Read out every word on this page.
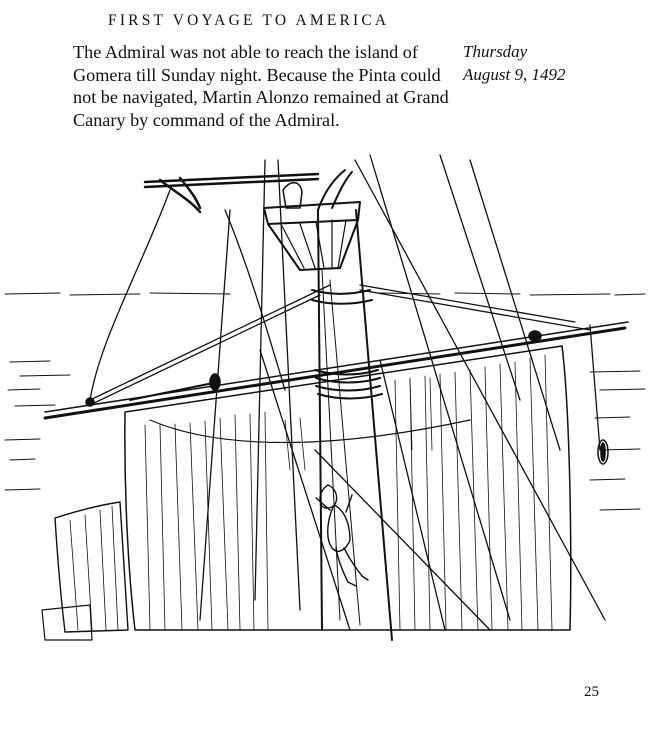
FIRST VOYAGE TO AMERICA
The Admiral was not able to reach the island of
Gomera till Sunday night. Because the Pinta could
not be navigated, Martin Alonzo remained at Grand
Canary by command of the Admiral.
Thursday
August 9, 1492
25
